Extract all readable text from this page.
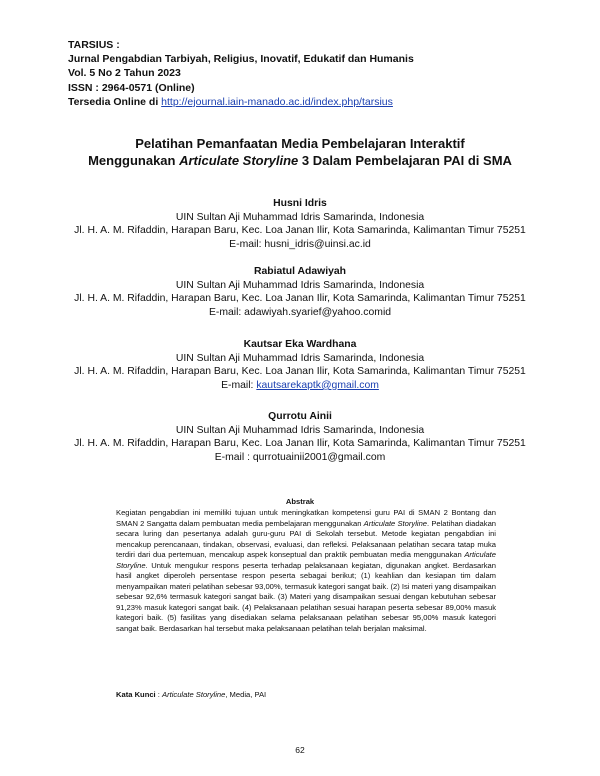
TARSIUS :
Jurnal Pengabdian Tarbiyah, Religius, Inovatif, Edukatif dan Humanis
Vol. 5 No 2 Tahun 2023
ISSN : 2964-0571 (Online)
Tersedia Online di http://ejournal.iain-manado.ac.id/index.php/tarsius
Pelatihan Pemanfaatan Media Pembelajaran Interaktif
Menggunakan Articulate Storyline 3 Dalam Pembelajaran PAI di SMA
Husni Idris
UIN Sultan Aji Muhammad Idris Samarinda, Indonesia
Jl. H. A. M. Rifaddin, Harapan Baru, Kec. Loa Janan Ilir, Kota Samarinda, Kalimantan Timur 75251
E-mail: husni_idris@uinsi.ac.id
Rabiatul Adawiyah
UIN Sultan Aji Muhammad Idris Samarinda, Indonesia
Jl. H. A. M. Rifaddin, Harapan Baru, Kec. Loa Janan Ilir, Kota Samarinda, Kalimantan Timur 75251
E-mail: adawiyah.syarief@yahoo.comid
Kautsar Eka Wardhana
UIN Sultan Aji Muhammad Idris Samarinda, Indonesia
Jl. H. A. M. Rifaddin, Harapan Baru, Kec. Loa Janan Ilir, Kota Samarinda, Kalimantan Timur 75251
E-mail: kautsarekaptk@gmail.com
Qurrotu Ainii
UIN Sultan Aji Muhammad Idris Samarinda, Indonesia
Jl. H. A. M. Rifaddin, Harapan Baru, Kec. Loa Janan Ilir, Kota Samarinda, Kalimantan Timur 75251
E-mail : qurrotuainii2001@gmail.com
Abstrak
Kegiatan pengabdian ini memiliki tujuan untuk meningkatkan kompetensi guru PAI di SMAN 2 Bontang dan SMAN 2 Sangatta dalam pembuatan media pembelajaran menggunakan Articulate Storyline. Pelatihan diadakan secara luring dan pesertanya adalah guru-guru PAI di Sekolah tersebut. Metode kegiatan pengabdian ini mencakup perencanaan, tindakan, observasi, evaluasi, dan refleksi. Pelaksanaan pelatihan secara tatap muka terdiri dari dua pertemuan, mencakup aspek konseptual dan praktik pembuatan media menggunakan Articulate Storyline. Untuk mengukur respons peserta terhadap pelaksanaan kegiatan, digunakan angket. Berdasarkan hasil angket diperoleh persentase respon peserta sebagai berikut; (1) keahlian dan kesiapan tim dalam menyampaikan materi pelatihan sebesar 93,00%, termasuk kategori sangat baik. (2) Isi materi yang disampaikan sebesar 92,6% termasuk kategori sangat baik. (3) Materi yang disampaikan sesuai dengan kebutuhan sebesar 91,23% masuk kategori sangat baik. (4) Pelaksanaan pelatihan sesuai harapan peserta sebesar 89,00% masuk kategori baik. (5) fasilitas yang disediakan selama pelaksanaan pelatihan sebesar 95,00% masuk kategori sangat baik. Berdasarkan hal tersebut maka pelaksanaan pelatihan telah berjalan maksimal.
Kata Kunci : Articulate Storyline, Media, PAI
62
